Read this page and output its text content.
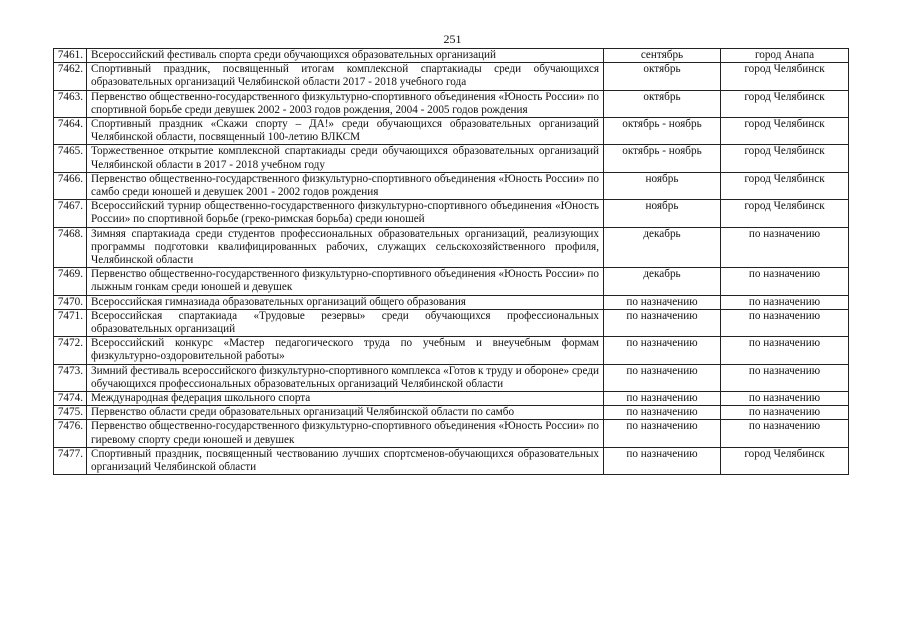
251
7461.	Всероссийский фестиваль спорта среди обучающихся образовательных организаций	сентябрь	город Анапа
7462.	Спортивный праздник, посвященный итогам комплексной спартакиады среди обучающихся образовательных организаций Челябинской области 2017 - 2018 учебного года	октябрь	город Челябинск
7463.	Первенство общественно-государственного физкультурно-спортивного объединения «Юность России» по спортивной борьбе среди девушек 2002 - 2003 годов рождения, 2004 - 2005 годов рождения	октябрь	город Челябинск
7464.	Спортивный праздник «Скажи спорту – ДА!» среди обучающихся образовательных организаций Челябинской области, посвященный 100-летию ВЛКСМ	октябрь - ноябрь	город Челябинск
7465.	Торжественное открытие комплексной спартакиады среди обучающихся образовательных организаций Челябинской области в 2017 - 2018 учебном году	октябрь - ноябрь	город Челябинск
7466.	Первенство общественно-государственного физкультурно-спортивного объединения «Юность России» по самбо среди юношей и девушек 2001 - 2002 годов рождения	ноябрь	город Челябинск
7467.	Всероссийский турнир общественно-государственного физкультурно-спортивного объединения «Юность России» по спортивной борьбе (греко-римская борьба) среди юношей	ноябрь	город Челябинск
7468.	Зимняя спартакиада среди студентов профессиональных образовательных организаций, реализующих программы подготовки квалифицированных рабочих, служащих сельскохозяйственного профиля, Челябинской области	декабрь	по назначению
7469.	Первенство общественно-государственного физкультурно-спортивного объединения «Юность России» по лыжным гонкам среди юношей и девушек	декабрь	по назначению
7470.	Всероссийская гимназиада образовательных организаций общего образования	по назначению	по назначению
7471.	Всероссийская спартакиада «Трудовые резервы» среди обучающихся профессиональных образовательных организаций	по назначению	по назначению
7472.	Всероссийский конкурс «Мастер педагогического труда по учебным и внеучебным формам физкультурно-оздоровительной работы»	по назначению	по назначению
7473.	Зимний фестиваль всероссийского физкультурно-спортивного комплекса «Готов к труду и обороне» среди обучающихся профессиональных образовательных организаций Челябинской области	по назначению	по назначению
7474.	Международная федерация школьного спорта	по назначению	по назначению
7475.	Первенство области среди образовательных организаций Челябинской области по самбо	по назначению	по назначению
7476.	Первенство общественно-государственного физкультурно-спортивного объединения «Юность России» по гиревому спорту среди юношей и девушек	по назначению	по назначению
7477.	Спортивный праздник, посвященный чествованию лучших спортсменов-обучающихся образовательных организаций Челябинской области	по назначению	город Челябинск
